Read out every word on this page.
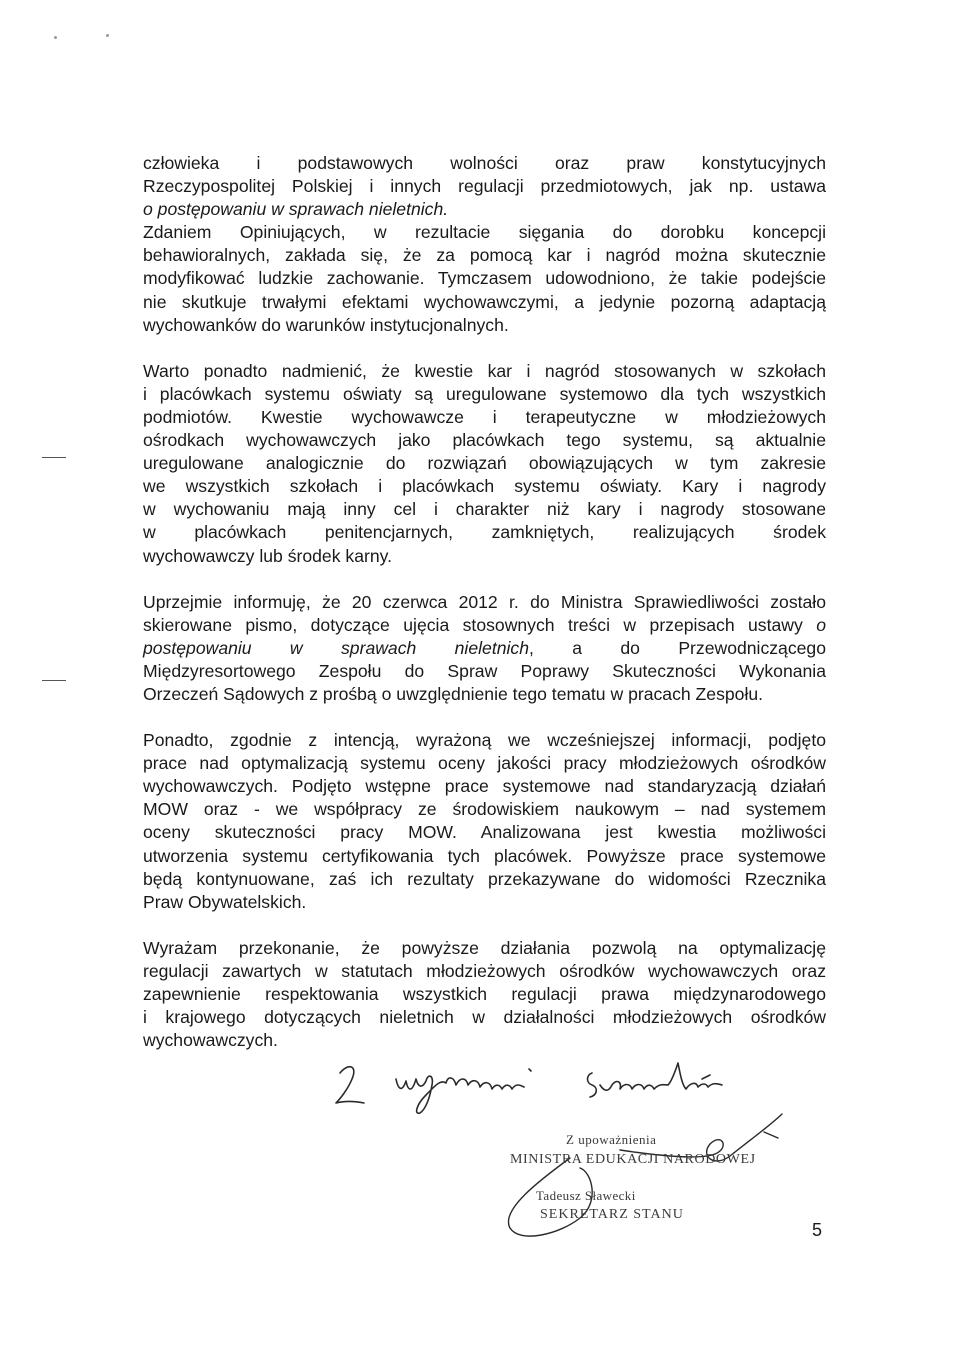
człowieka i podstawowych wolności oraz praw konstytucyjnych
Rzeczypospolitej Polskiej i innych regulacji przedmiotowych, jak np. ustawa
o postępowaniu w sprawach nieletnich.

Zdaniem Opiniujących, w rezultacie sięgania do dorobku koncepcji
behawioralnych, zakłada się, że za pomocą kar i nagród można skutecznie
modyfikować ludzkie zachowanie. Tymczasem udowodniono, że takie podejście
nie skutkuje trwałymi efektami wychowawczymi, a jedynie pozorną adaptacją
wychowanków do warunków instytucjonalnych.

Warto ponadto nadmienić, że kwestie kar i nagród stosowanych w szkołach
i placówkach systemu oświaty są uregulowane systemowo dla tych wszystkich
podmiotów. Kwestie wychowawcze i terapeutyczne w młodzieżowych
ośrodkach wychowawczych jako placówkach tego systemu, są aktualnie
uregulowane analogicznie do rozwiązań obowiązujących w tym zakresie
we wszystkich szkołach i placówkach systemu oświaty. Kary i nagrody
w wychowaniu mają inny cel i charakter niż kary i nagrody stosowane
w placówkach penitencjarnych, zamkniętych, realizujących środek
wychowawczy lub środek karny.

Uprzejmie informuję, że 20 czerwca 2012 r. do Ministra Sprawiedliwości zostało
skierowane pismo, dotyczące ujęcia stosownych treści w przepisach ustawy o
postępowaniu w sprawach nieletnich, a do Przewodniczącego
Międzyresortowego Zespołu do Spraw Poprawy Skuteczności Wykonania
Orzeczeń Sądowych z prośbą o uwzględnienie tego tematu w pracach Zespołu.

Ponadto, zgodnie z intencją, wyrażoną we wcześniejszej informacji, podjęto
prace nad optymalizacją systemu oceny jakości pracy młodzieżowych ośrodków
wychowawczych. Podjęto wstępne prace systemowe nad standaryzacją działań
MOW oraz - we współpracy ze środowiskiem naukowym – nad systemem
oceny skuteczności pracy MOW. Analizowana jest kwestia możliwości
utworzenia systemu certyfikowania tych placówek. Powyższe prace systemowe
będą kontynuowane, zaś ich rezultaty przekazywane do widomości Rzecznika
Praw Obywatelskich.

Wyrażam przekonanie, że powyższe działania pozwolą na optymalizację
regulacji zawartych w statutach młodzieżowych ośrodków wychowawczych oraz
zapewnienie respektowania wszystkich regulacji prawa międzynarodowego
i krajowego dotyczących nieletnich w działalności młodzieżowych ośrodków
wychowawczych.

Z upoważnienia
MINISTRA EDUKACJI NARODOWEJ
Tadeusz Sławecki
SEKRETARZ STANU
5
